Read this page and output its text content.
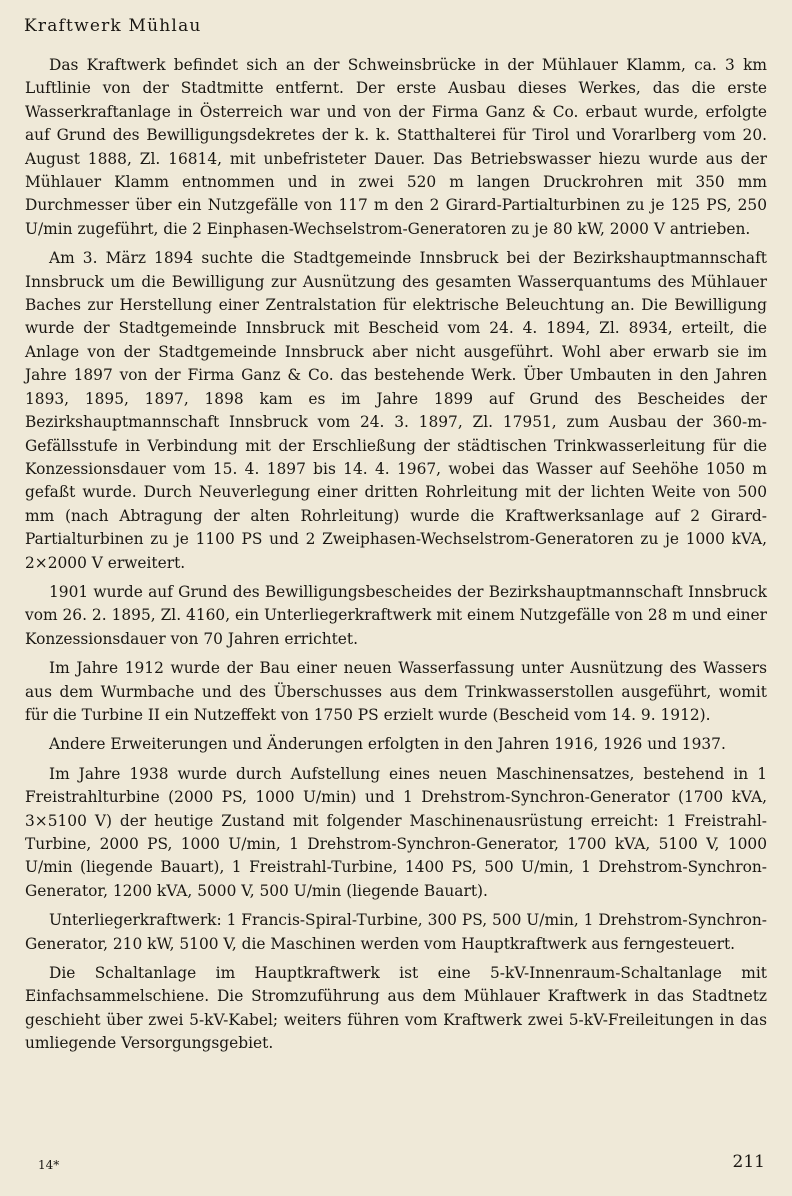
Kraftwerk Mühlau

Das Kraftwerk befindet sich an der Schweinsbrücke in der Mühlauer Klamm, ca. 3 km Luftlinie von der Stadtmitte entfernt. Der erste Ausbau dieses Werkes, das die erste Wasserkraftanlage in Österreich war und von der Firma Ganz & Co. erbaut wurde, erfolgte auf Grund des Bewilligungsdekretes der k. k. Statthalterei für Tirol und Vorarlberg vom 20. August 1888, Zl. 16814, mit unbefristeter Dauer. Das Betriebswasser hiezu wurde aus der Mühlauer Klamm entnommen und in zwei 520 m langen Druckrohren mit 350 mm Durchmesser über ein Nutzgefälle von 117 m den 2 Girard-Partialturbinen zu je 125 PS, 250 U/min zugeführt, die 2 Einphasen-Wechselstrom-Generatoren zu je 80 kW, 2000 V antrieben.

Am 3. März 1894 suchte die Stadtgemeinde Innsbruck bei der Bezirkshauptmannschaft Innsbruck um die Bewilligung zur Ausnützung des gesamten Wasserquantums des Mühlauer Baches zur Herstellung einer Zentralstation für elektrische Beleuchtung an. Die Bewilligung wurde der Stadtgemeinde Innsbruck mit Bescheid vom 24. 4. 1894, Zl. 8934, erteilt, die Anlage von der Stadtgemeinde Innsbruck aber nicht ausgeführt. Wohl aber erwarb sie im Jahre 1897 von der Firma Ganz & Co. das bestehende Werk. Über Umbauten in den Jahren 1893, 1895, 1897, 1898 kam es im Jahre 1899 auf Grund des Bescheides der Bezirkshauptmannschaft Innsbruck vom 24. 3. 1897, Zl. 17951, zum Ausbau der 360-m-Gefällsstufe in Verbindung mit der Erschließung der städtischen Trinkwasserleitung für die Konzessionsdauer vom 15. 4. 1897 bis 14. 4. 1967, wobei das Wasser auf Seehöhe 1050 m gefaßt wurde. Durch Neuverlegung einer dritten Rohrleitung mit der lichten Weite von 500 mm (nach Abtragung der alten Rohrleitung) wurde die Kraftwerksanlage auf 2 Girard-Partialturbinen zu je 1100 PS und 2 Zweiphasen-Wechselstrom-Generatoren zu je 1000 kVA, 2×2000 V erweitert.

1901 wurde auf Grund des Bewilligungsbescheides der Bezirkshauptmannschaft Innsbruck vom 26. 2. 1895, Zl. 4160, ein Unterliegerkraftwerk mit einem Nutzgefälle von 28 m und einer Konzessionsdauer von 70 Jahren errichtet.

Im Jahre 1912 wurde der Bau einer neuen Wasserfassung unter Ausnützung des Wassers aus dem Wurmbache und des Überschusses aus dem Trinkwasserstollen ausgeführt, womit für die Turbine II ein Nutzeffekt von 1750 PS erzielt wurde (Bescheid vom 14. 9. 1912).

Andere Erweiterungen und Änderungen erfolgten in den Jahren 1916, 1926 und 1937.

Im Jahre 1938 wurde durch Aufstellung eines neuen Maschinensatzes, bestehend in 1 Freistrahlturbine (2000 PS, 1000 U/min) und 1 Drehstrom-Synchron-Generator (1700 kVA, 3×5100 V) der heutige Zustand mit folgender Maschinenausrüstung erreicht: 1 Freistrahl-Turbine, 2000 PS, 1000 U/min, 1 Drehstrom-Synchron-Generator, 1700 kVA, 5100 V, 1000 U/min (liegende Bauart), 1 Freistrahl-Turbine, 1400 PS, 500 U/min, 1 Drehstrom-Synchron-Generator, 1200 kVA, 5000 V, 500 U/min (liegende Bauart).

Unterliegerkraftwerk: 1 Francis-Spiral-Turbine, 300 PS, 500 U/min, 1 Drehstrom-Synchron-Generator, 210 kW, 5100 V, die Maschinen werden vom Hauptkraftwerk aus ferngesteuert.

Die Schaltanlage im Hauptkraftwerk ist eine 5-kV-Innenraum-Schaltanlage mit Einfachsammelschiene. Die Stromzuführung aus dem Mühlauer Kraftwerk in das Stadtnetz geschieht über zwei 5-kV-Kabel; weiters führen vom Kraftwerk zwei 5-kV-Freileitungen in das umliegende Versorgungsgebiet.

14*	211
